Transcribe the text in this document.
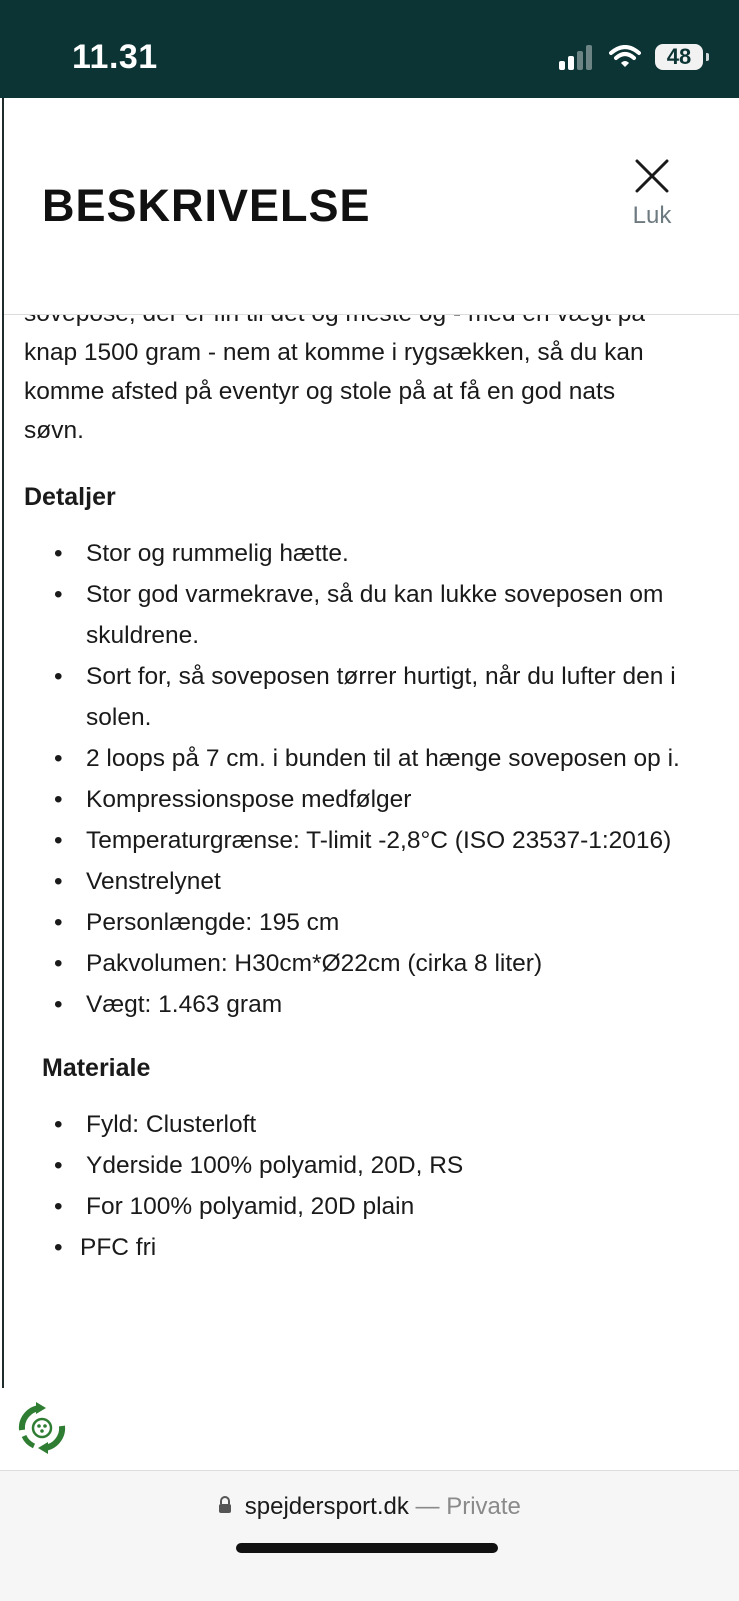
11.31	48
BESKRIVELSE	Luk

knap 1500 gram - nem at komme i rygsækken, så du kan

komme afsted på eventyr og stole på at få en god nats

søvn.

Detaljer

• Stor og rummelig hætte.
• Stor god varmekrave, så du kan lukke soveposen om skuldrene.
• Sort for, så soveposen tørrer hurtigt, når du lufter den i solen.
• 2 loops på 7 cm. i bunden til at hænge soveposen op i.
• Kompressionspose medfølger
• Temperaturgrænse: T-limit -2,8°C (ISO 23537-1:2016)
• Venstrelynet
• Personlængde: 195 cm
• Pakvolumen: H30cm*Ø22cm (cirka 8 liter)
• Vægt: 1.463 gram

Materiale

• Fyld: Clusterloft
• Yderside 100% polyamid, 20D, RS
• For 100% polyamid, 20D plain
• PFC fri
spejdersport.dk — Private
